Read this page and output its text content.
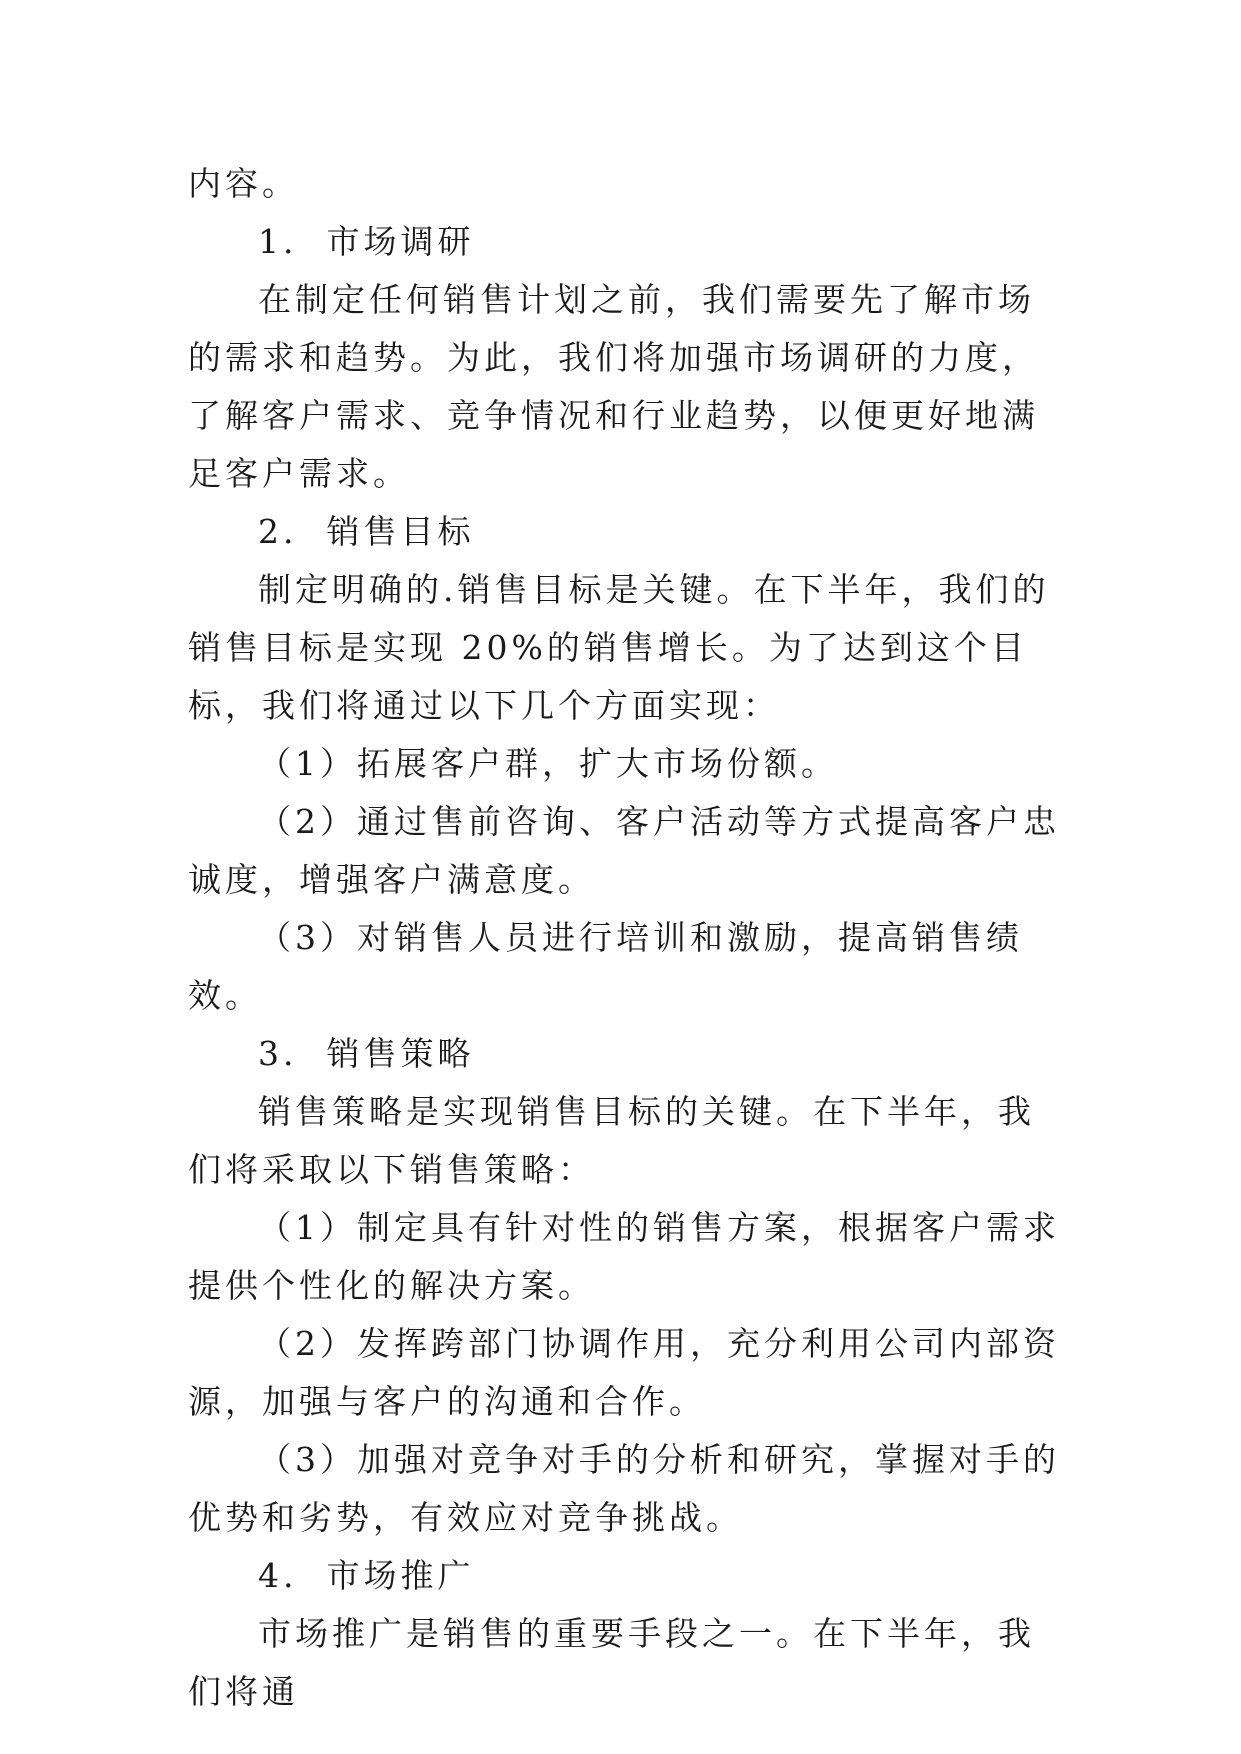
内容。

1.  市场调研

在制定任何销售计划之前，我们需要先了解市场的需求和趋势。为此，我们将加强市场调研的力度，了解客户需求、竞争情况和行业趋势，以便更好地满足客户需求。

2.  销售目标

制定明确的.销售目标是关键。在下半年，我们的销售目标是实现 20%的销售增长。为了达到这个目标，我们将通过以下几个方面实现：

（1）拓展客户群，扩大市场份额。

（2）通过售前咨询、客户活动等方式提高客户忠诚度，增强客户满意度。

（3）对销售人员进行培训和激励，提高销售绩效。

3.  销售策略

销售策略是实现销售目标的关键。在下半年，我们将采取以下销售策略：

（1）制定具有针对性的销售方案，根据客户需求提供个性化的解决方案。

（2）发挥跨部门协调作用，充分利用公司内部资源，加强与客户的沟通和合作。

（3）加强对竞争对手的分析和研究，掌握对手的优势和劣势，有效应对竞争挑战。

4.  市场推广

市场推广是销售的重要手段之一。在下半年，我们将通
